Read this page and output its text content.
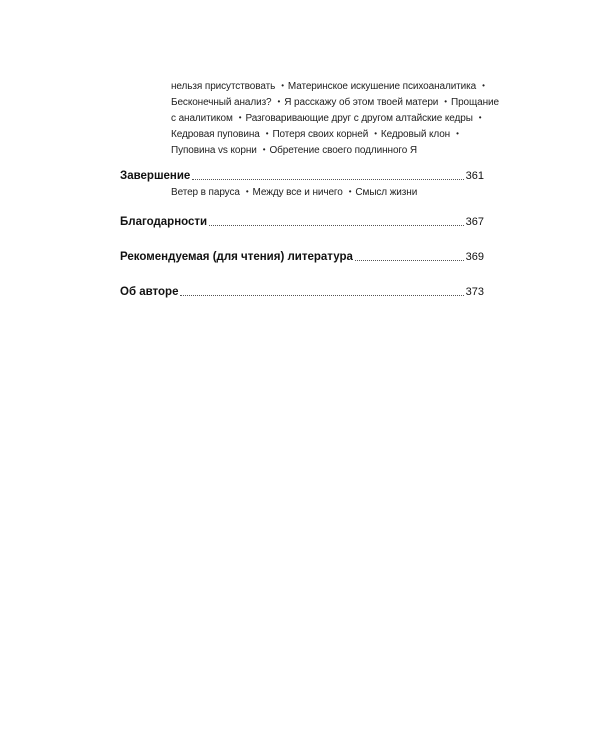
нельзя присутствовать • Материнское искушение психоаналитика •
Бесконечный анализ? • Я расскажу об этом твоей матери • Прощание
с аналитиком • Разговаривающие друг с другом алтайские кедры •
Кедровая пуповина • Потеря своих корней • Кедровый клон •
Пуповина vs корни • Обретение своего подлинного Я
Завершение	361
Ветер в паруса • Между все и ничего • Смысл жизни
Благодарности	367
Рекомендуемая (для чтения) литература	369
Об авторе	373
